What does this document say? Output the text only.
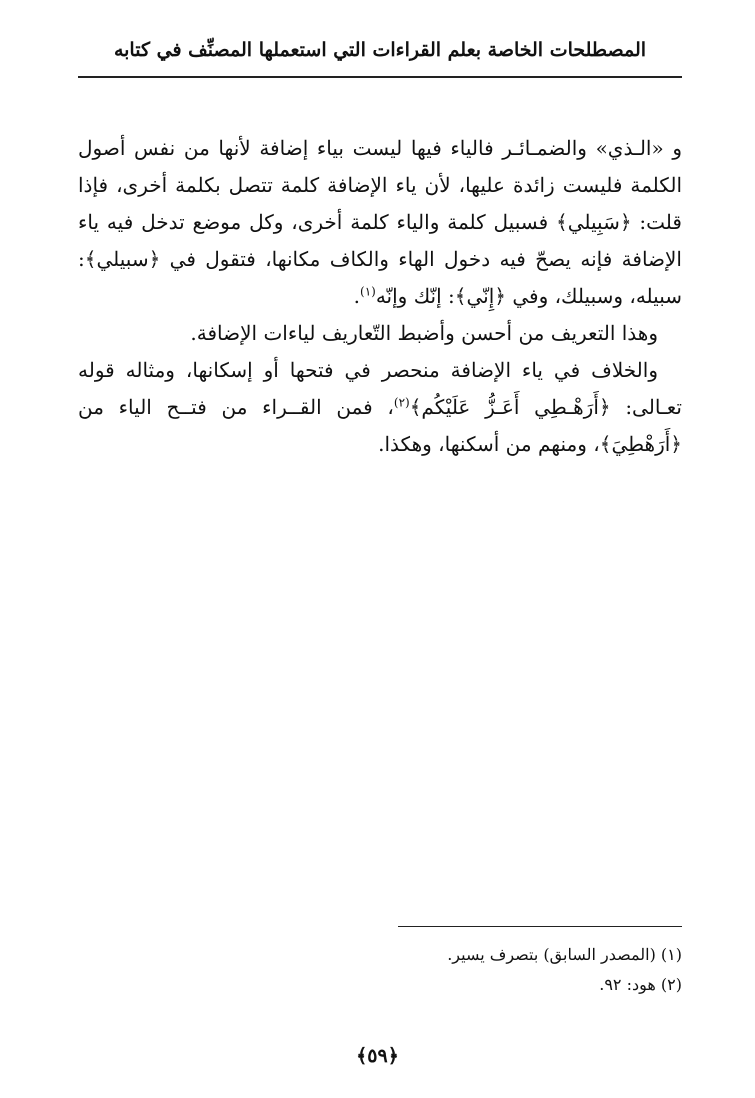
المصطلحات الخاصة بعلم القراءات التي استعملها المصنِّف في كتابه

و «الـذي» والضمـائـر فالياء فيها ليست بياء إضافة لأنها من نفس أصول الكلمة فليست زائدة عليها، لأن ياء الإضافة كلمة تتصل بكلمة أخرى، فإذا قلت: ﴿سَبِيلي﴾ فسبيل كلمة والياء كلمة أخرى، وكل موضع تدخل فيه ياء الإضافة فإنه يصحّ فيه دخول الهاء والكاف مكانها، فتقول في ﴿سبيلي﴾: سبيله، وسبيلك، وفي ﴿إِنّي﴾: إنّك وإنّه$^{(١)}$.

وهذا التعريف من أحسن وأضبط التّعاريف لياءات الإضافة.

والخلاف في ياء الإضافة منحصر في فتحها أو إسكانها، ومثاله قوله تعـالى: ﴿أَرَهْـطِي أَعَـزُّ عَلَيْكُم﴾$^{(٢)}$، فمن القــراء من فتــح الياء من ﴿أَرَهْطِيَ﴾، ومنهم من أسكنها، وهكذا.

(١) (المصدر السابق) بتصرف يسير.

(٢) هود: ٩٢.

﴿٥٩﴾
